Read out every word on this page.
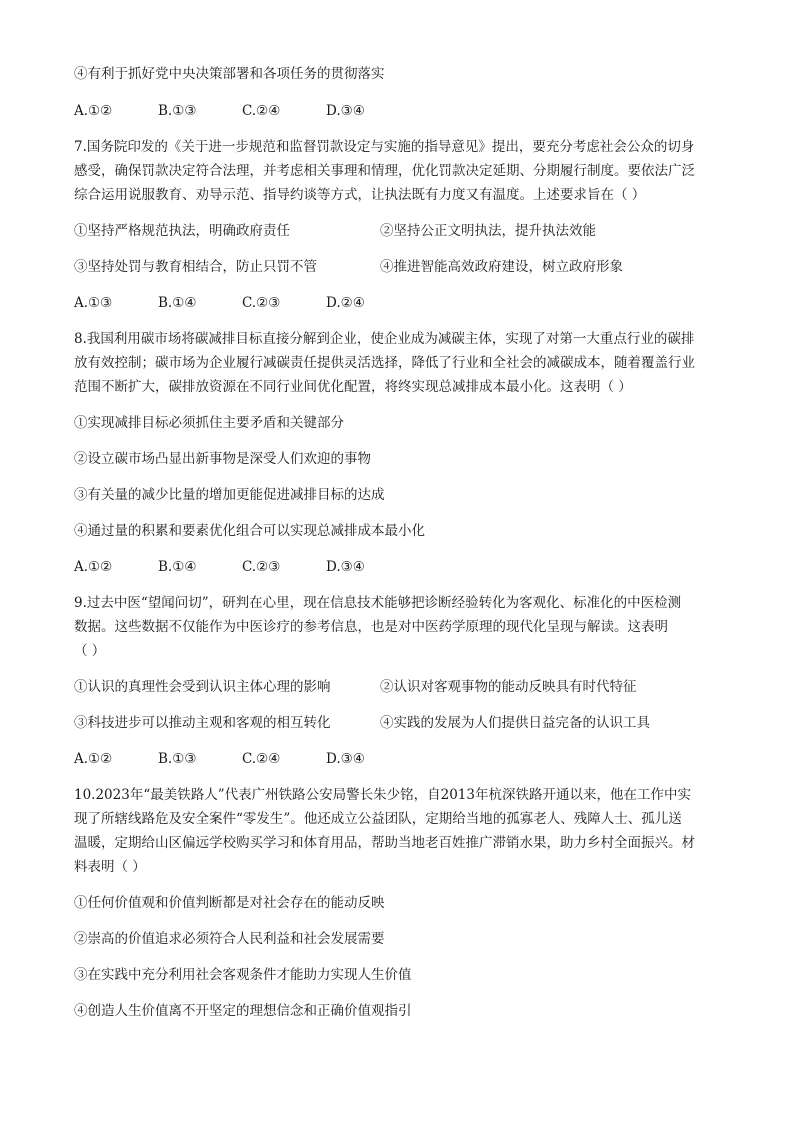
④有利于抓好党中央决策部署和各项任务的贯彻落实
A.①②	B.①③	C.②④	D.③④
7.国务院印发的《关于进一步规范和监督罚款设定与实施的指导意见》提出，要充分考虑社会公众的切身
感受，确保罚款决定符合法理，并考虑相关事理和情理，优化罚款决定延期、分期履行制度。要依法广泛
综合运用说服教育、劝导示范、指导约谈等方式，让执法既有力度又有温度。上述要求旨在（ ）
①坚持严格规范执法，明确政府责任	②坚持公正文明执法，提升执法效能
③坚持处罚与教育相结合，防止只罚不管	④推进智能高效政府建设，树立政府形象
A.①③	B.①④	C.②③	D.②④
8.我国利用碳市场将碳减排目标直接分解到企业，使企业成为减碳主体，实现了对第一大重点行业的碳排
放有效控制；碳市场为企业履行减碳责任提供灵活选择，降低了行业和全社会的减碳成本，随着覆盖行业
范围不断扩大，碳排放资源在不同行业间优化配置，将终实现总减排成本最小化。这表明（ ）
①实现减排目标必须抓住主要矛盾和关键部分
②设立碳市场凸显出新事物是深受人们欢迎的事物
③有关量的减少比量的增加更能促进减排目标的达成
④通过量的积累和要素优化组合可以实现总减排成本最小化
A.①②	B.①④	C.②③	D.③④
9.过去中医“望闻问切”，研判在心里，现在信息技术能够把诊断经验转化为客观化、标准化的中医检测
数据。这些数据不仅能作为中医诊疗的参考信息，也是对中医药学原理的现代化呈现与解读。这表明
（ ）
①认识的真理性会受到认识主体心理的影响	②认识对客观事物的能动反映具有时代特征
③科技进步可以推动主观和客观的相互转化	④实践的发展为人们提供日益完备的认识工具
A.①②	B.①③	C.②④	D.③④
10.2023年“最美铁路人”代表广州铁路公安局警长朱少铭，自2013年杭深铁路开通以来，他在工作中实
现了所辖线路危及安全案件“零发生”。他还成立公益团队，定期给当地的孤寡老人、残障人士、孤儿送
温暖，定期给山区偏远学校购买学习和体育用品，帮助当地老百姓推广滞销水果，助力乡村全面振兴。材
料表明（ ）
①任何价值观和价值判断都是对社会存在的能动反映
②崇高的价值追求必须符合人民利益和社会发展需要
③在实践中充分利用社会客观条件才能助力实现人生价值
④创造人生价值离不开坚定的理想信念和正确价值观指引
